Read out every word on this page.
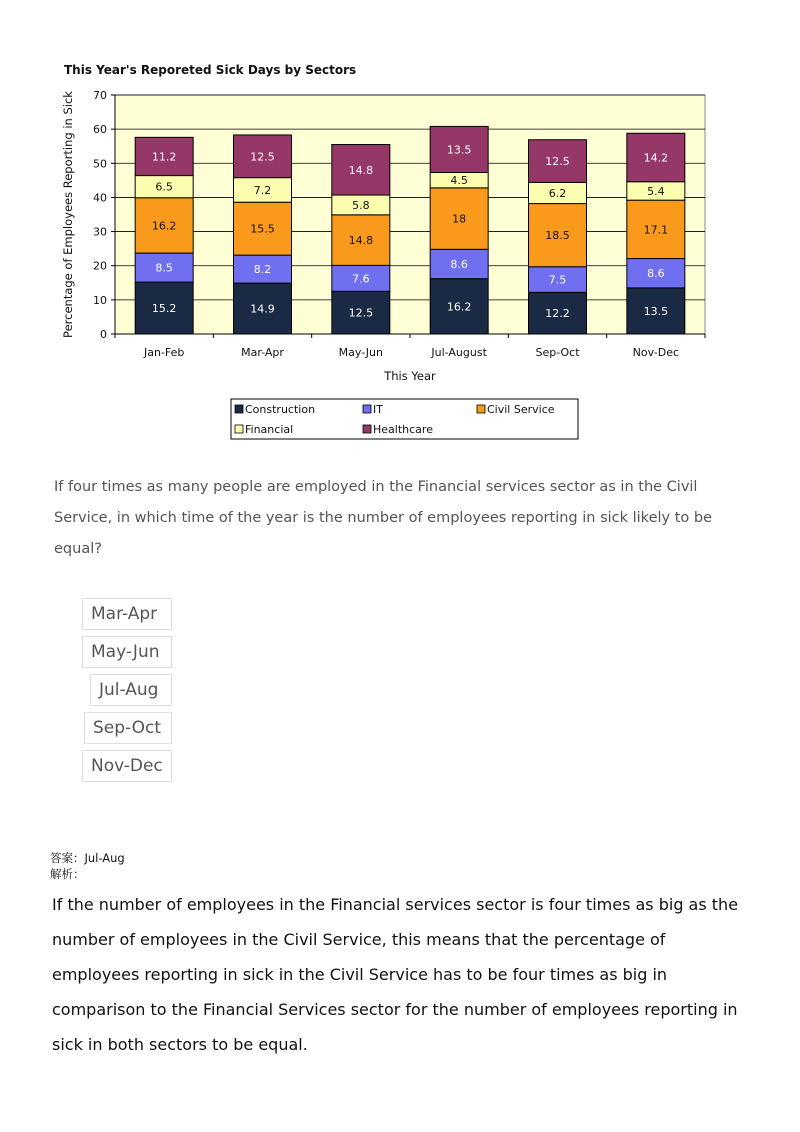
This Year's Reporeted Sick Days by Sectors
0
10
20
30
40
50
60
70
15.2
8.5
16.2
6.5
11.2
14.9
8.2
15.5
7.2
12.5
12.5
7.6
14.8
5.8
14.8
16.2
8.6
18
4.5
13.5
12.2
7.5
18.5
6.2
12.5
13.5
8.6
17.1
5.4
14.2
Jan-Feb	Mar-Apr	May-Jun	Jul-August	Sep-Oct	Nov-Dec
This Year
Percentage of Employees Reporting in Sick
Construction	IT	Civil Service
Financial	Healthcare
If four times as many people are employed in the Financial services sector as in the Civil Service, in which time of the year is the number of employees reporting in sick likely to be equal?
Mar-Apr
May-Jun
Jul-Aug
Sep-Oct
Nov-Dec
答案：Jul-Aug
解析：
If the number of employees in the Financial services sector is four times as big as the number of employees in the Civil Service, this means that the percentage of employees reporting in sick in the Civil Service has to be four times as big in comparison to the Financial Services sector for the number of employees reporting in sick in both sectors to be equal.
